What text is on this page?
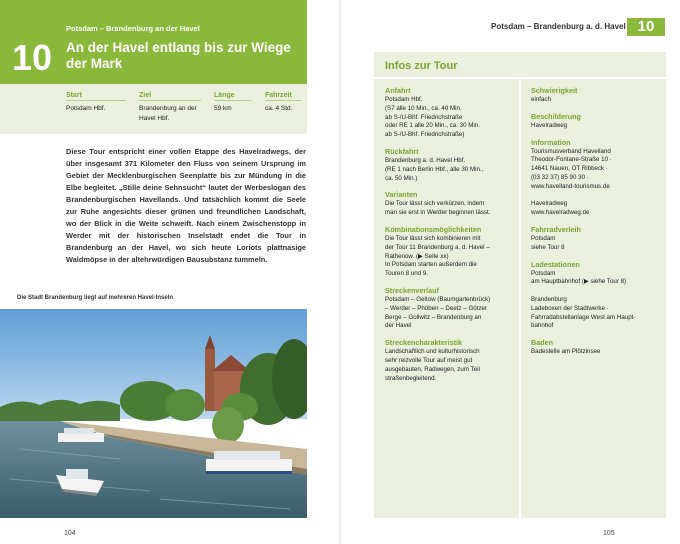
10
Potsdam – Brandenburg an der Havel
An der Havel entlang bis zur Wiege der Mark
Start
Potsdam Hbf.
Ziel
Brandenburg an der Havel Hbf.
Länge
59 km
Fahrzeit
ca. 4 Std.

Diese Tour entspricht einer vollen Etappe des Havelradwegs, der über insgesamt 371 Kilometer den Fluss von seinem Ursprung im Gebiet der Mecklenburgischen Seenplatte bis zur Mündung in die Elbe begleitet. „Stille deine Sehnsucht“ lautet der Werbeslogan des Brandenburgischen Havellands. Und tatsächlich kommt die Seele zur Ruhe angesichts dieser grünen und freundlichen Landschaft, wo der Blick in die Weite schweift. Nach einem Zwischenstopp in Werder mit der historischen Inselstadt endet die Tour in Brandenburg an der Havel, wo sich heute Loriots plattnasige Waldmöpse in der altehrwürdigen Bausubstanz tummeln.

Die Stadt Brandenburg liegt auf mehreren Havel-Inseln
104
Potsdam – Brandenburg a. d. Havel 10
Infos zur Tour
Anfahrt
Potsdam Hbf.
(S7 alle 10 Min., ca. 40 Min.
ab S-/U-Bhf. Friedrichstraße
oder RE 1 alle 20 Min., ca. 30 Min.
ab S-/U-Bhf. Friedrichstraße)
Rückfahrt
Brandenburg a. d. Havel Hbf.
(RE 1 nach Berlin Hbf., alle 30 Min.,
ca. 50 Min.)
Varianten
Die Tour lässt sich verkürzen, indem
man sie erst in Werder beginnen lässt.
Kombinationsmöglichkeiten
Die Tour lässt sich kombinieren mit
der Tour 11 Brandenburg a. d. Havel –
Rathenow. (▶ Seite xx)
In Potsdam starten außerdem die
Touren 8 und 9.
Streckenverlauf
Potsdam – Geltow (Baumgartenbrück)
– Werder – Phöben – Deetz – Götzer
Berge – Gollwitz – Brandenburg an
der Havel
Streckencharakteristik
Landschaftlich und kulturhistorisch
sehr reizvolle Tour auf meist gut
ausgebauten, Radwegen, zum Teil
straßenbegleitend.
Schwierigkeit
einfach
Beschilderung
Havelradweg
Information
Tourismusverband Havelland
Theodor-Fontane-Straße 10 ·
14641 Nauen, OT Ribbeck ·
(03 32 37) 85 90 30 ·
www.havelland-tourismus.de

Havelradweg
www.havelradweg.de
Fahrradverleih
Potsdam
siehe Tour 8
Ladestationen
Potsdam
am Hauptbahnhof (▶ siehe Tour 8)

Brandenburg
Ladeboxen der Stadtwerke ·
Fahrradabstellanlage West am Haupt-
bahnhof
Baden
Badestelle am Plötzinsee
105
